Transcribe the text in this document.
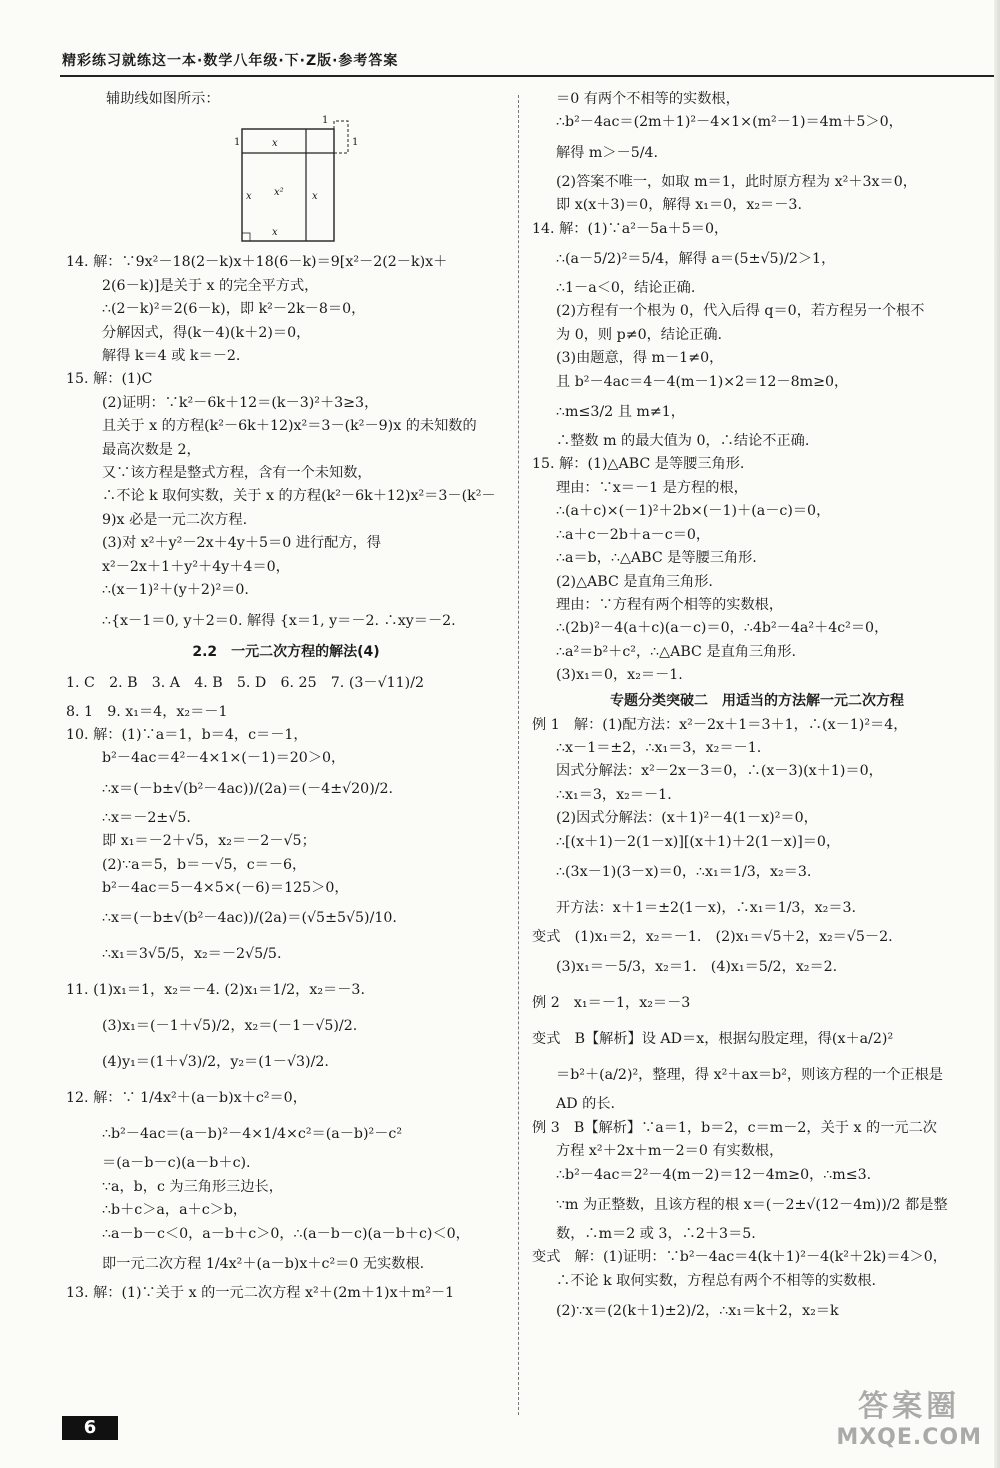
精彩练习就练这一本·数学八年级·下·Z版·参考答案
辅助线如图所示：
1
1	1
x
x	x
x²
x
14. 解：∵9x²－18(2－k)x＋18(6－k)＝9[x²－2(2－k)x＋
2(6－k)]是关于 x 的完全平方式，
∴(2－k)²＝2(6－k)，即 k²－2k－8＝0，
分解因式，得(k－4)(k＋2)＝0，
解得 k＝4 或 k＝－2.
15. 解：(1)C
(2)证明：∵k²－6k＋12＝(k－3)²＋3≥3，
且关于 x 的方程(k²－6k＋12)x²＝3－(k²－9)x 的未知数的
最高次数是 2，
又∵该方程是整式方程，含有一个未知数，
∴不论 k 取何实数，关于 x 的方程(k²－6k＋12)x²＝3－(k²－
9)x 必是一元二次方程.
(3)对 x²＋y²－2x＋4y＋5＝0 进行配方，得
x²－2x＋1＋y²＋4y＋4＝0，
∴(x－1)²＋(y＋2)²＝0.
∴{x－1＝0, y＋2＝0. 解得 {x＝1, y＝－2. ∴xy＝－2.
2.2　一元二次方程的解法(4)
1. C　2. B　3. A　4. B　5. D　6. 25　7. (3－√11)/2
8. 1　9. x₁＝4，x₂＝－1
10. 解：(1)∵a＝1，b＝4，c＝－1，
b²－4ac＝4²－4×1×(－1)＝20＞0，
∴x＝(－b±√(b²－4ac))/(2a)＝(－4±√20)/2.
∴x＝－2±√5.
即 x₁＝－2＋√5，x₂＝－2－√5；
(2)∵a＝5，b＝－√5，c＝－6，
b²－4ac＝5－4×5×(－6)＝125＞0，
∴x＝(－b±√(b²－4ac))/(2a)＝(√5±5√5)/10.
∴x₁＝3√5/5，x₂＝－2√5/5.
11. (1)x₁＝1，x₂＝－4. (2)x₁＝1/2，x₂＝－3.
(3)x₁＝(－1＋√5)/2，x₂＝(－1－√5)/2.
(4)y₁＝(1＋√3)/2，y₂＝(1－√3)/2.
12. 解：∵ 1/4x²＋(a－b)x＋c²＝0，
∴b²－4ac＝(a－b)²－4×1/4×c²＝(a－b)²－c²
＝(a－b－c)(a－b＋c).
∵a，b，c 为三角形三边长，
∴b＋c＞a，a＋c＞b，
∴a－b－c＜0，a－b＋c＞0，∴(a－b－c)(a－b＋c)＜0，
即一元二次方程 1/4x²＋(a－b)x＋c²＝0 无实数根.
13. 解：(1)∵关于 x 的一元二次方程 x²＋(2m＋1)x＋m²－1
＝0 有两个不相等的实数根，
∴b²－4ac＝(2m＋1)²－4×1×(m²－1)＝4m＋5＞0，
解得 m＞－5/4.
(2)答案不唯一，如取 m＝1，此时原方程为 x²＋3x＝0，
即 x(x＋3)＝0，解得 x₁＝0，x₂＝－3.
14. 解：(1)∵a²－5a＋5＝0，
∴(a－5/2)²＝5/4，解得 a＝(5±√5)/2＞1，
∴1－a＜0，结论正确.
(2)方程有一个根为 0，代入后得 q＝0，若方程另一个根不
为 0，则 p≠0，结论正确.
(3)由题意，得 m－1≠0，
且 b²－4ac＝4－4(m－1)×2＝12－8m≥0，
∴m≤3/2 且 m≠1，
∴整数 m 的最大值为 0，∴结论不正确.
15. 解：(1)△ABC 是等腰三角形.
理由：∵x＝－1 是方程的根，
∴(a＋c)×(－1)²＋2b×(－1)＋(a－c)＝0，
∴a＋c－2b＋a－c＝0，
∴a＝b，∴△ABC 是等腰三角形.
(2)△ABC 是直角三角形.
理由：∵方程有两个相等的实数根，
∴(2b)²－4(a＋c)(a－c)＝0，∴4b²－4a²＋4c²＝0，
∴a²＝b²＋c²，∴△ABC 是直角三角形.
(3)x₁＝0，x₂＝－1.
专题分类突破二　用适当的方法解一元二次方程
例 1　解：(1)配方法：x²－2x＋1＝3＋1，∴(x－1)²＝4，
∴x－1＝±2，∴x₁＝3，x₂＝－1.
因式分解法：x²－2x－3＝0，∴(x－3)(x＋1)＝0，
∴x₁＝3，x₂＝－1.
(2)因式分解法：(x＋1)²－4(1－x)²＝0，
∴[(x＋1)－2(1－x)][(x＋1)＋2(1－x)]＝0，
∴(3x－1)(3－x)＝0，∴x₁＝1/3，x₂＝3.
开方法：x＋1＝±2(1－x)，∴x₁＝1/3，x₂＝3.
变式　(1)x₁＝2，x₂＝－1.　(2)x₁＝√5＋2，x₂＝√5－2.
(3)x₁＝－5/3，x₂＝1.　(4)x₁＝5/2，x₂＝2.
例 2　x₁＝－1，x₂＝－3
变式　B【解析】设 AD＝x，根据勾股定理，得(x＋a/2)²
＝b²＋(a/2)²，整理，得 x²＋ax＝b²，则该方程的一个正根是
AD 的长.
例 3　B【解析】∵a＝1，b＝2，c＝m－2，关于 x 的一元二次
方程 x²＋2x＋m－2＝0 有实数根，
∴b²－4ac＝2²－4(m－2)＝12－4m≥0，∴m≤3.
∵m 为正整数，且该方程的根 x＝(－2±√(12－4m))/2 都是整
数，∴m＝2 或 3，∴2＋3＝5.
变式　解：(1)证明：∵b²－4ac＝4(k＋1)²－4(k²＋2k)＝4＞0，
∴不论 k 取何实数，方程总有两个不相等的实数根.
(2)∵x＝(2(k＋1)±2)/2，∴x₁＝k＋2，x₂＝k
6
答案圈
MXQE.COM
